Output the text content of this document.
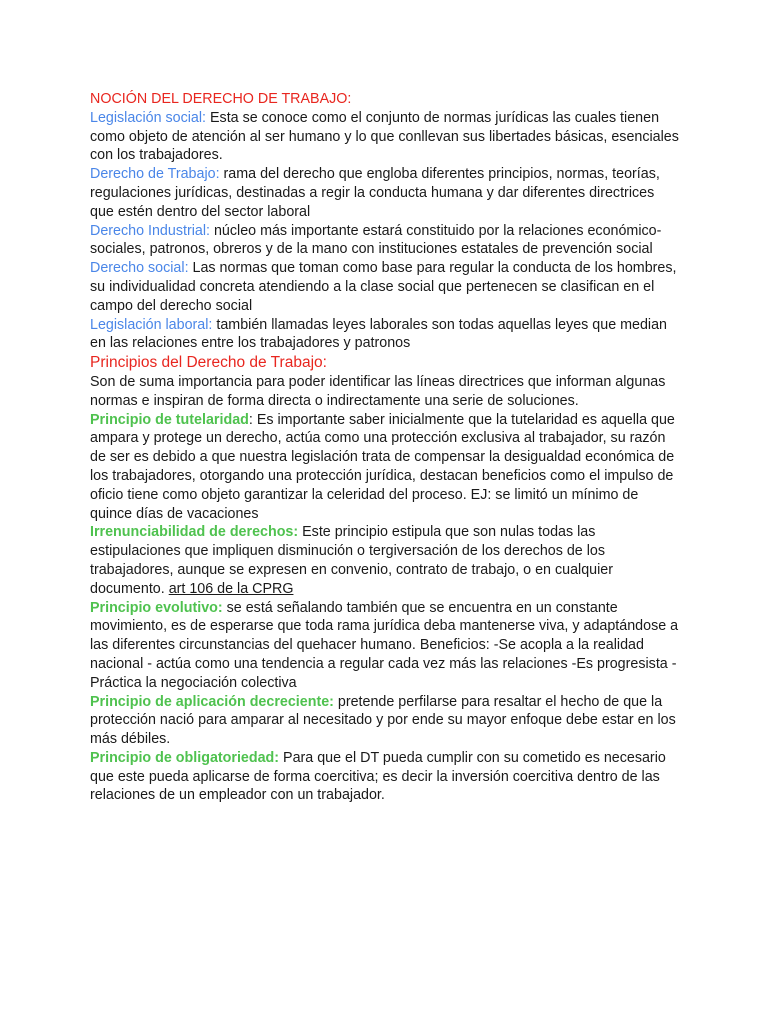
NOCIÓN DEL DERECHO DE TRABAJO:

Legislación social: Esta se conoce como el conjunto de normas jurídicas las cuales tienen como objeto de atención al ser humano y lo que conllevan sus libertades básicas, esenciales con los trabajadores.

Derecho de Trabajo: rama del derecho que engloba diferentes principios, normas, teorías, regulaciones jurídicas, destinadas a regir la conducta humana y dar diferentes directrices que estén dentro del sector laboral

Derecho Industrial: núcleo más importante estará constituido por la relaciones económico-sociales, patronos, obreros y de la mano con instituciones estatales de prevención social

Derecho social: Las normas que toman como base para regular la conducta de los hombres, su individualidad concreta atendiendo a la clase social que pertenecen se clasifican en el campo del derecho social

Legislación laboral: también llamadas leyes laborales son todas aquellas leyes que median en las relaciones entre los trabajadores y patronos

Principios del Derecho de Trabajo:

Son de suma importancia para poder identificar las líneas directrices que informan algunas normas e inspiran de forma directa o indirectamente una serie de soluciones.

Principio de tutelaridad: Es importante saber inicialmente que la tutelaridad es aquella que ampara y protege un derecho, actúa como una protección exclusiva al trabajador, su razón de ser es debido a que nuestra legislación trata de compensar la desigualdad económica de los trabajadores, otorgando una protección jurídica, destacan beneficios como el impulso de oficio tiene como objeto garantizar la celeridad del proceso. EJ: se limitó un mínimo de quince días de vacaciones

Irrenunciabilidad de derechos: Este principio estipula que son nulas todas las estipulaciones que impliquen disminución o tergiversación de los derechos de los trabajadores, aunque se expresen en convenio, contrato de trabajo, o en cualquier documento. art 106 de la CPRG

Principio evolutivo: se está señalando también que se encuentra en un constante movimiento, es de esperarse que toda rama jurídica deba mantenerse viva, y adaptándose a las diferentes circunstancias del quehacer humano. Beneficios: -Se acopla a la realidad nacional - actúa como una tendencia a regular cada vez más las relaciones -Es progresista -Práctica la negociación colectiva

Principio de aplicación decreciente: pretende perfilarse para resaltar el hecho de que la protección nació para amparar al necesitado y por ende su mayor enfoque debe estar en los más débiles.

Principio de obligatoriedad: Para que el DT pueda cumplir con su cometido es necesario que este pueda aplicarse de forma coercitiva; es decir la inversión coercitiva dentro de las relaciones de un empleador con un trabajador.
